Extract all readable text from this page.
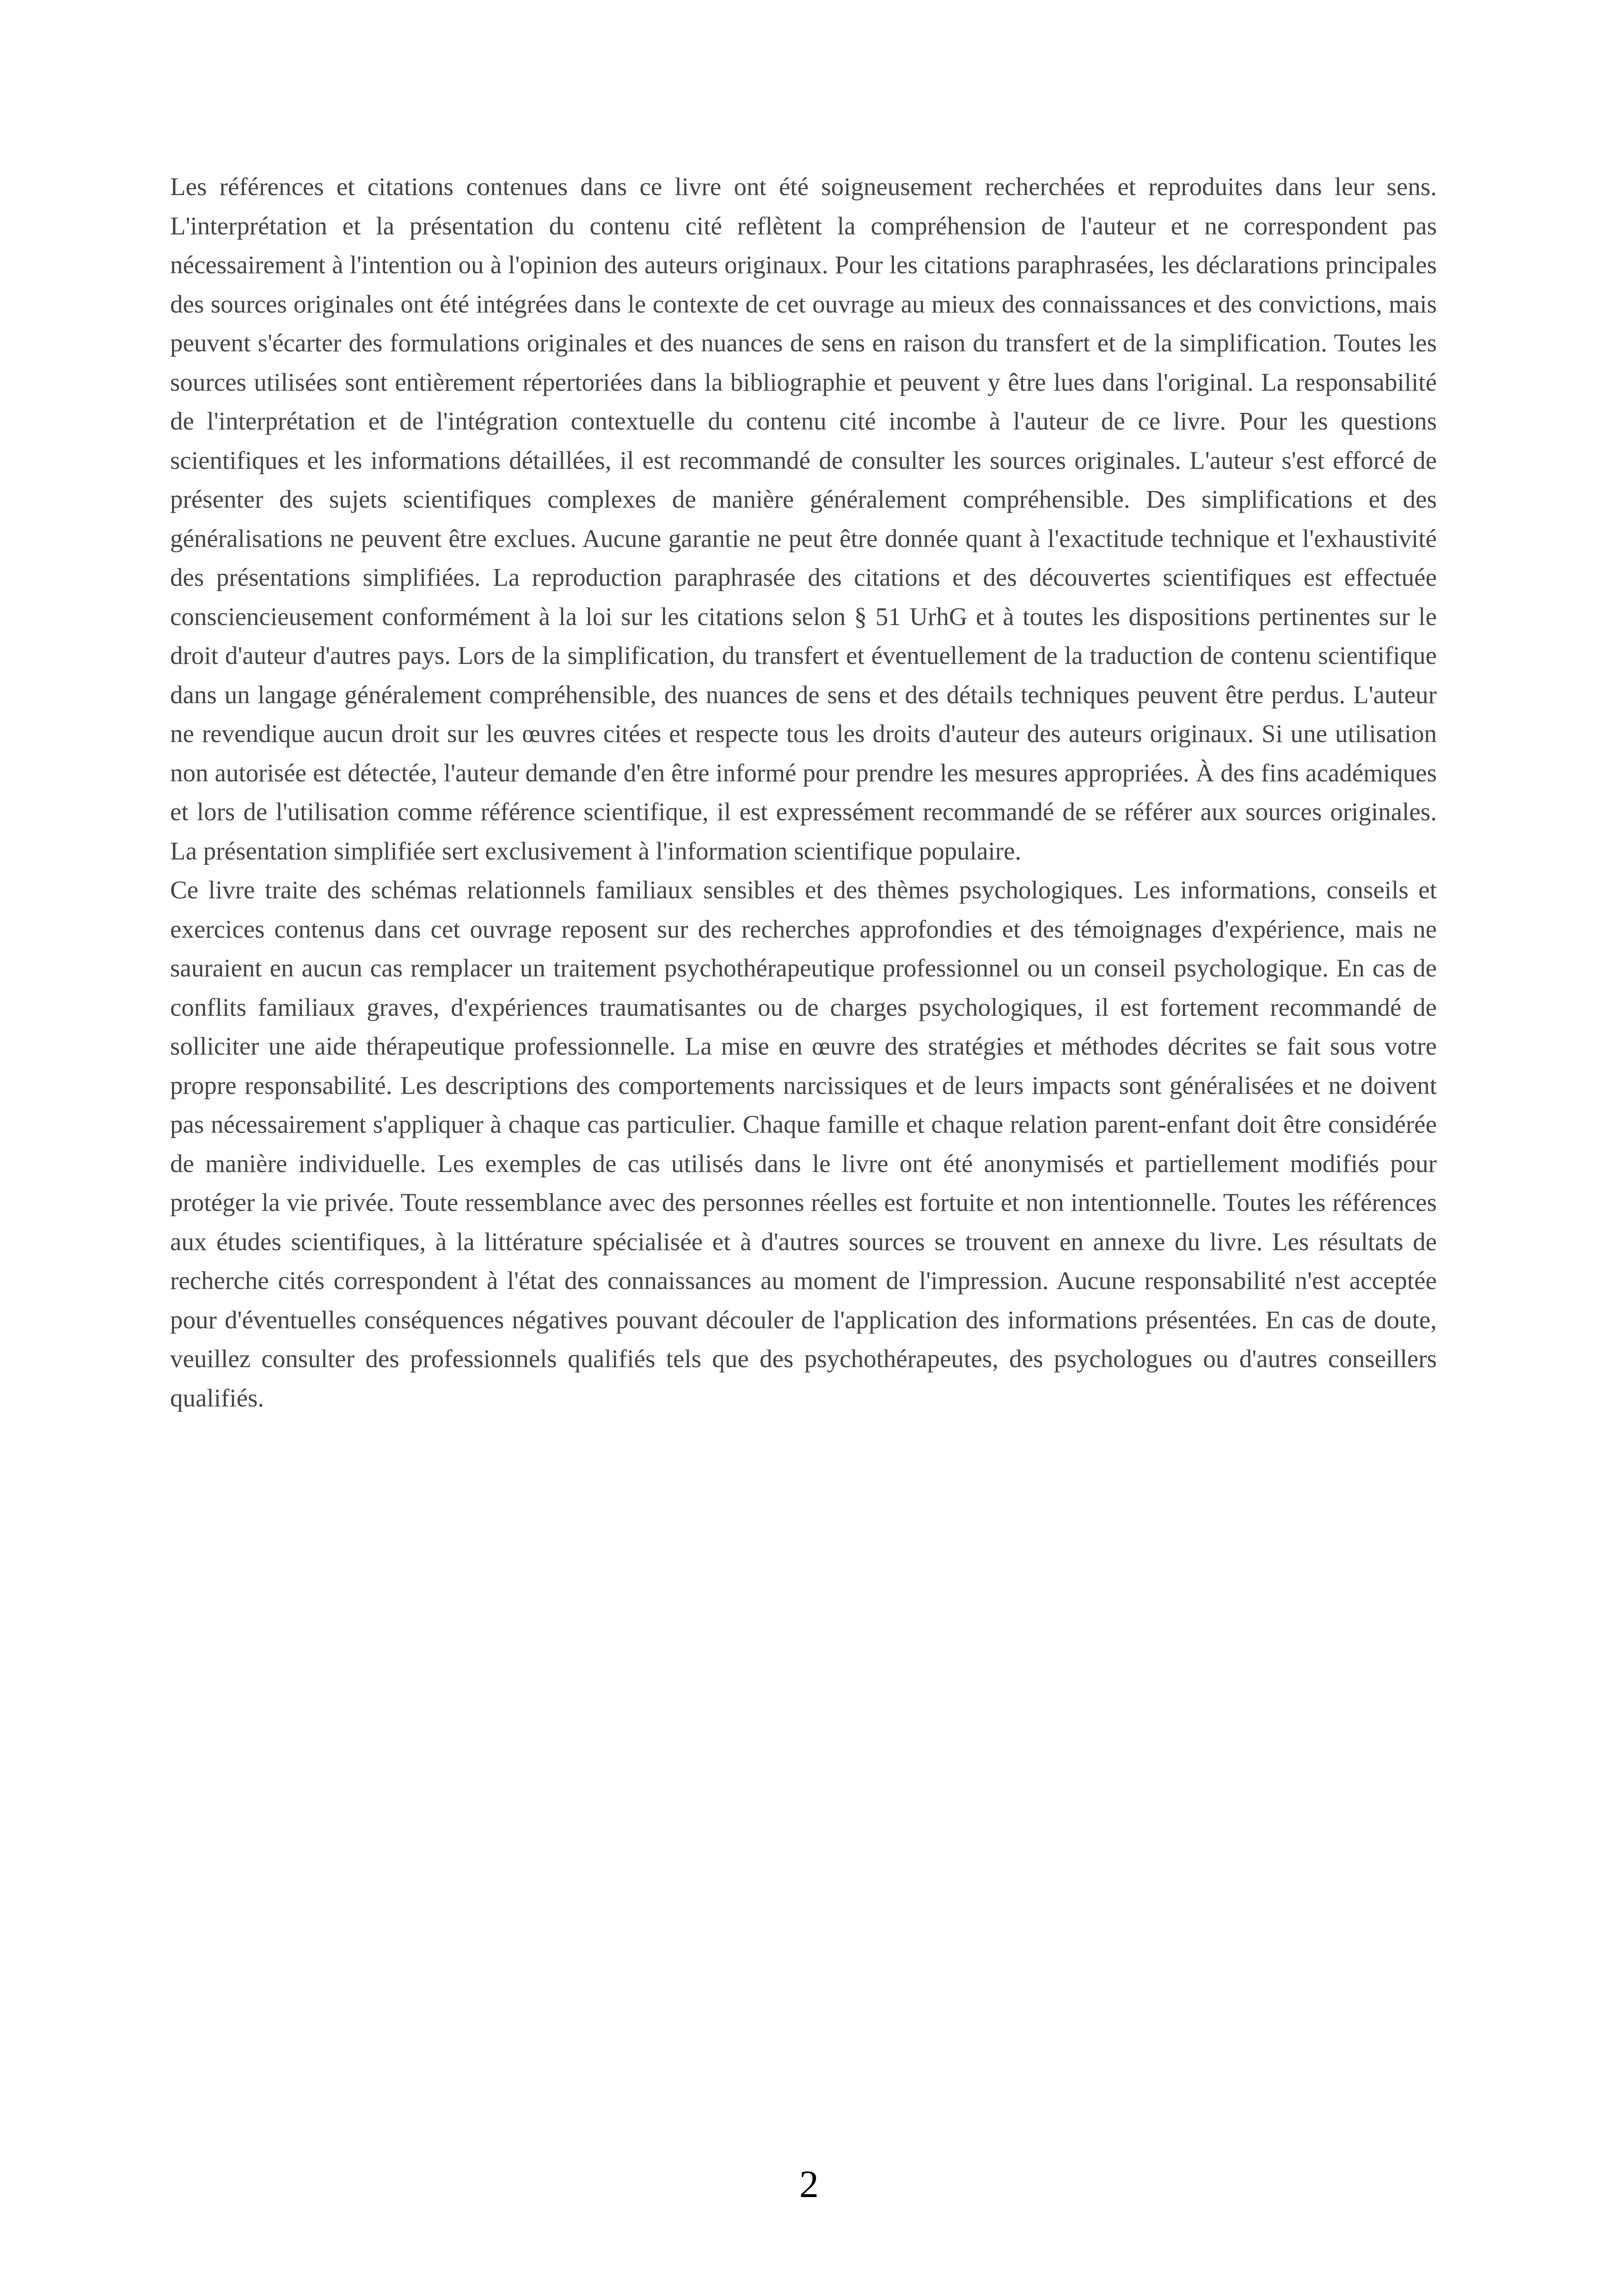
Les références et citations contenues dans ce livre ont été soigneusement recherchées et reproduites dans leur sens. L'interprétation et la présentation du contenu cité reflètent la compréhension de l'auteur et ne correspondent pas nécessairement à l'intention ou à l'opinion des auteurs originaux. Pour les citations paraphrasées, les déclarations principales des sources originales ont été intégrées dans le contexte de cet ouvrage au mieux des connaissances et des convictions, mais peuvent s'écarter des formulations originales et des nuances de sens en raison du transfert et de la simplification. Toutes les sources utilisées sont entièrement répertoriées dans la bibliographie et peuvent y être lues dans l'original. La responsabilité de l'interprétation et de l'intégration contextuelle du contenu cité incombe à l'auteur de ce livre. Pour les questions scientifiques et les informations détaillées, il est recommandé de consulter les sources originales. L'auteur s'est efforcé de présenter des sujets scientifiques complexes de manière généralement compréhensible. Des simplifications et des généralisations ne peuvent être exclues. Aucune garantie ne peut être donnée quant à l'exactitude technique et l'exhaustivité des présentations simplifiées. La reproduction paraphrasée des citations et des découvertes scientifiques est effectuée consciencieusement conformément à la loi sur les citations selon § 51 UrhG et à toutes les dispositions pertinentes sur le droit d'auteur d'autres pays. Lors de la simplification, du transfert et éventuellement de la traduction de contenu scientifique dans un langage généralement compréhensible, des nuances de sens et des détails techniques peuvent être perdus. L'auteur ne revendique aucun droit sur les œuvres citées et respecte tous les droits d'auteur des auteurs originaux. Si une utilisation non autorisée est détectée, l'auteur demande d'en être informé pour prendre les mesures appropriées. À des fins académiques et lors de l'utilisation comme référence scientifique, il est expressément recommandé de se référer aux sources originales. La présentation simplifiée sert exclusivement à l'information scientifique populaire.

Ce livre traite des schémas relationnels familiaux sensibles et des thèmes psychologiques. Les informations, conseils et exercices contenus dans cet ouvrage reposent sur des recherches approfondies et des témoignages d'expérience, mais ne sauraient en aucun cas remplacer un traitement psychothérapeutique professionnel ou un conseil psychologique. En cas de conflits familiaux graves, d'expériences traumatisantes ou de charges psychologiques, il est fortement recommandé de solliciter une aide thérapeutique professionnelle. La mise en œuvre des stratégies et méthodes décrites se fait sous votre propre responsabilité. Les descriptions des comportements narcissiques et de leurs impacts sont généralisées et ne doivent pas nécessairement s'appliquer à chaque cas particulier. Chaque famille et chaque relation parent-enfant doit être considérée de manière individuelle. Les exemples de cas utilisés dans le livre ont été anonymisés et partiellement modifiés pour protéger la vie privée. Toute ressemblance avec des personnes réelles est fortuite et non intentionnelle. Toutes les références aux études scientifiques, à la littérature spécialisée et à d'autres sources se trouvent en annexe du livre. Les résultats de recherche cités correspondent à l'état des connaissances au moment de l'impression. Aucune responsabilité n'est acceptée pour d'éventuelles conséquences négatives pouvant découler de l'application des informations présentées. En cas de doute, veuillez consulter des professionnels qualifiés tels que des psychothérapeutes, des psychologues ou d'autres conseillers qualifiés.

2
